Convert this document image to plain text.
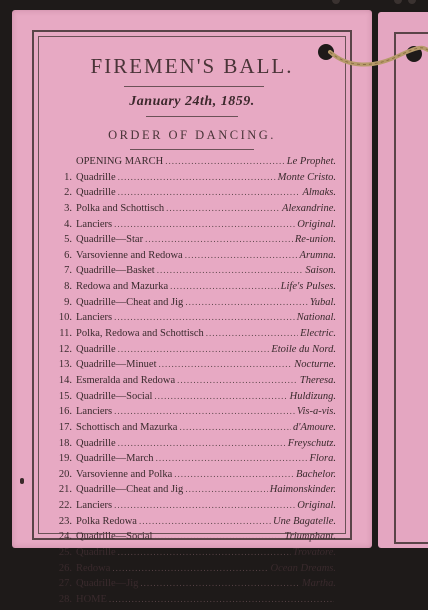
FIREMEN'S BALL.
January 24th, 1859.
ORDER OF DANCING.
OPENING MARCH .....	Le Prophet.
1. Quadrille .....	Monte Cristo.
2. Quadrille .....	Almaks.
3. Polka and Schottisch .....	Alexandrine.
4. Lanciers .....	Original.
5. Quadrille—Star .....	Re-union.
6. Varsovienne and Redowa .....	Arumna.
7. Quadrille—Basket .....	Saison.
8. Redowa and Mazurka .....	Life's Pulses.
9. Quadrille—Cheat and Jig .....	Yubal.
10. Lanciers .....	National.
11. Polka, Redowa and Schottisch .....	Electric.
12. Quadrille .....	Etoile du Nord.
13. Quadrille—Minuet .....	Nocturne.
14. Esmeralda and Redowa .....	Theresa.
15. Quadrille—Social .....	Huldizung.
16. Lanciers .....	Vis-a-vis.
17. Schottisch and Mazurka .....	d'Amoure.
18. Quadrille .....	Freyschutz.
19. Quadrille—March .....	Flora.
20. Varsovienne and Polka .....	Bachelor.
21. Quadrille—Cheat and Jig .....	Haimonskinder.
22. Lanciers .....	Original.
23. Polka Redowa .....	Une Bagatelle.
24. Quadrille—Social .....	Triumphant.
25. Quadrille .....	Trovatore.
26. Redowa .....	Ocean Dreams.
27. Quadrille—Jig .....	Martha.
28. HOME
.....
